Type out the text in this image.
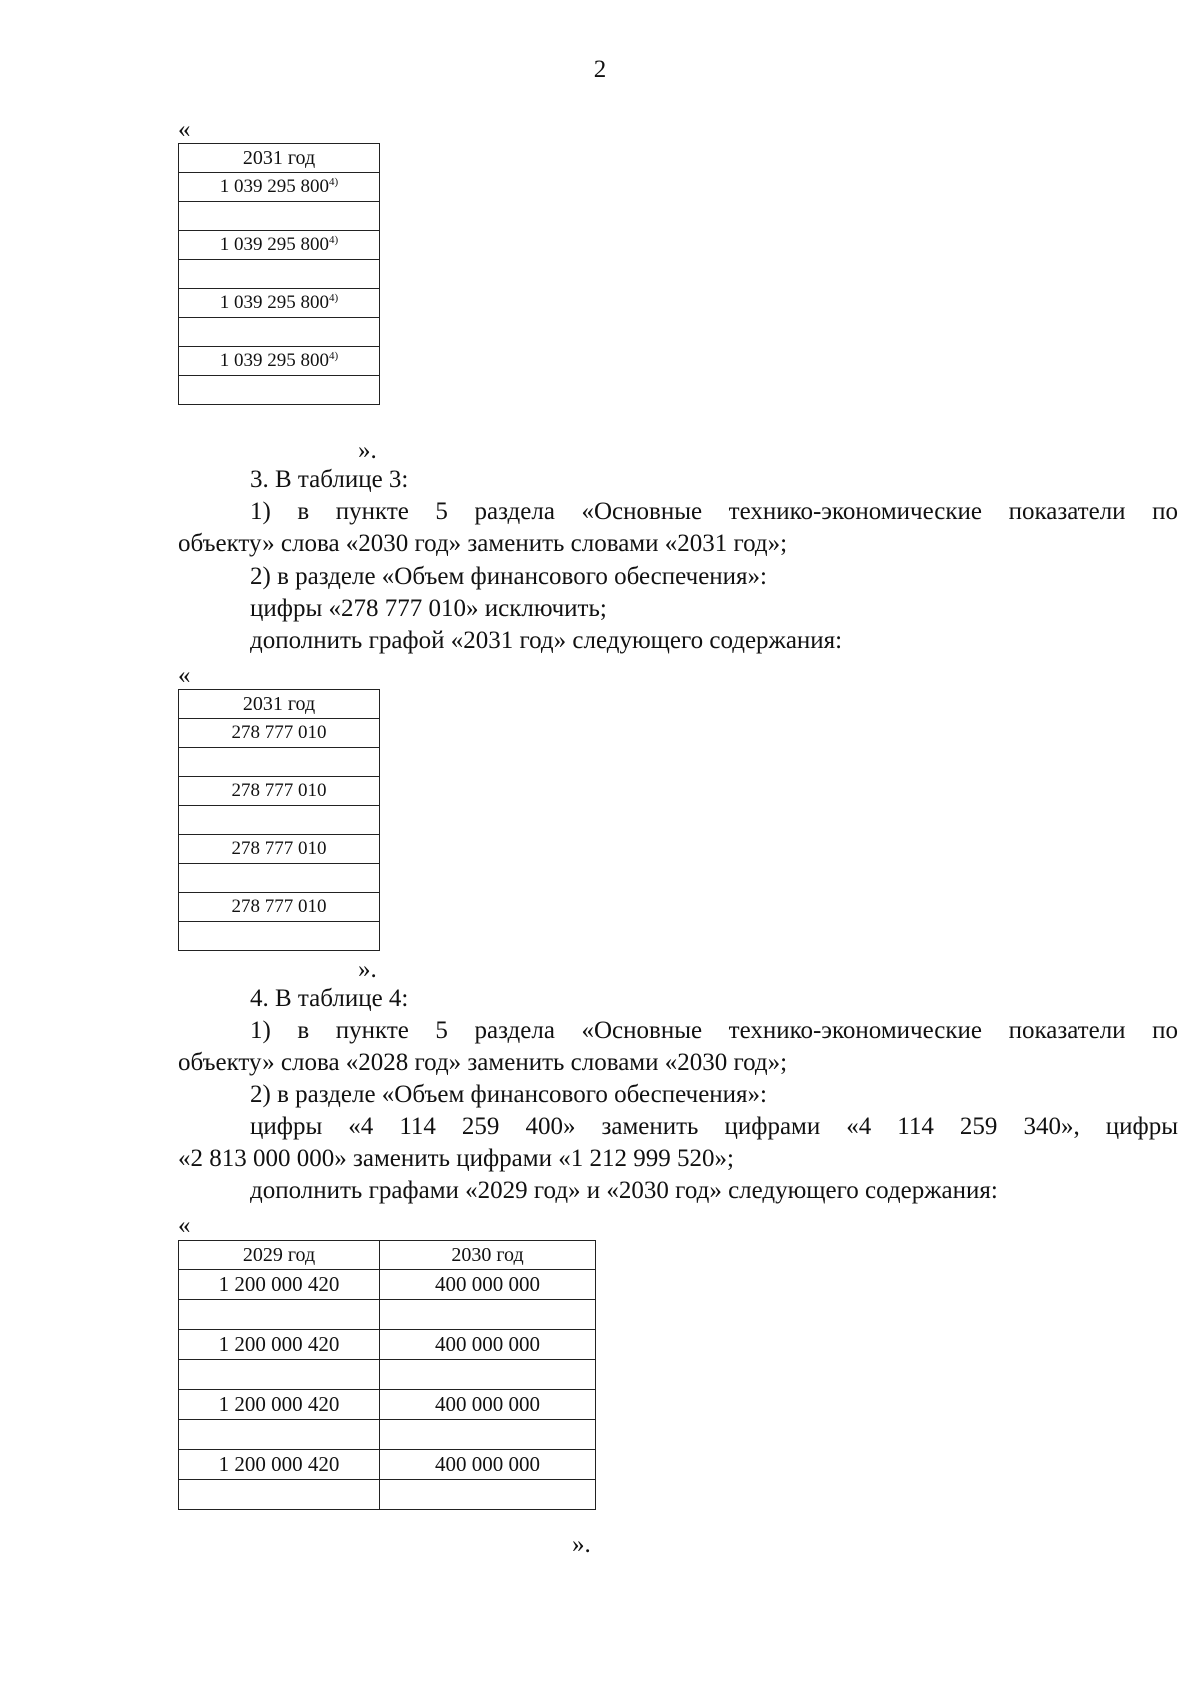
2
«
2031 год
1 039 295 800$^{4)}$

1 039 295 800$^{4)}$

1 039 295 800$^{4)}$

1 039 295 800$^{4)}$

».
3. В таблице 3:
1) в пункте 5 раздела «Основные технико-экономические показатели по
объекту» слова «2030 год» заменить словами «2031 год»;
2) в разделе «Объем финансового обеспечения»:
цифры «278 777 010» исключить;
дополнить графой «2031 год» следующего содержания:
«
2031 год
278 777 010

278 777 010

278 777 010

278 777 010

».
4. В таблице 4:
1) в пункте 5 раздела «Основные технико-экономические показатели по
объекту» слова «2028 год» заменить словами «2030 год»;
2) в разделе «Объем финансового обеспечения»:
цифры «4 114 259 400» заменить цифрами «4 114 259 340», цифры
«2 813 000 000» заменить цифрами «1 212 999 520»;
дополнить графами «2029 год» и «2030 год» следующего содержания:
«
2029 год	2030 год
1 200 000 420	400 000 000

1 200 000 420	400 000 000

1 200 000 420	400 000 000

1 200 000 420	400 000 000

».
